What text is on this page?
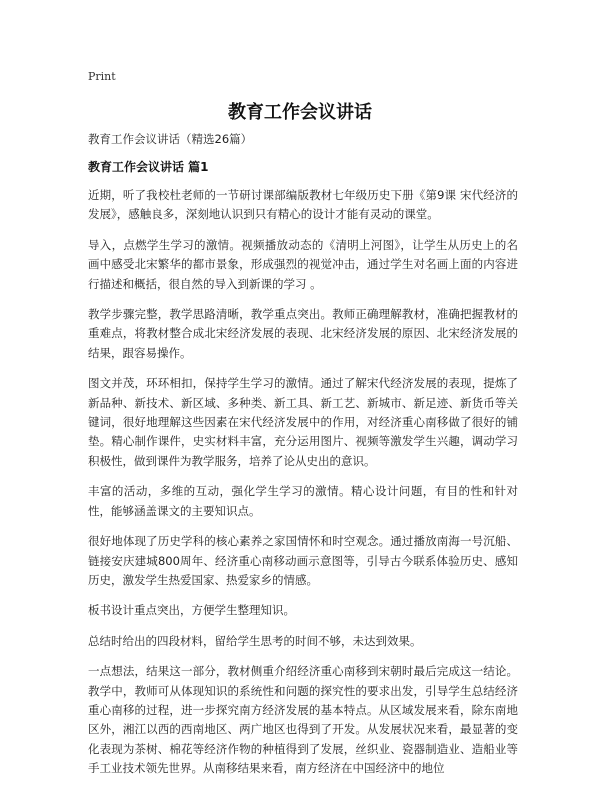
Print
教育工作会议讲话
教育工作会议讲话（精选26篇）
教育工作会议讲话 篇1

近期，听了我校杜老师的一节研讨课部编版教材七年级历史下册《第9课 宋代经济的发展》，感触良多，深刻地认识到只有精心的设计才能有灵动的课堂。

导入，点燃学生学习的激情。视频播放动态的《清明上河图》，让学生从历史上的名画中感受北宋繁华的都市景象，形成强烈的视觉冲击，通过学生对名画上面的内容进行描述和概括，很自然的导入到新课的学习 。

教学步骤完整，教学思路清晰，教学重点突出。教师正确理解教材，准确把握教材的重难点，将教材整合成北宋经济发展的表现、北宋经济发展的原因、北宋经济发展的结果，跟容易操作。

图文并茂，环环相扣，保持学生学习的激情。通过了解宋代经济发展的表现，提炼了新品种、新技术、新区域、多种类、新工具、新工艺、新城市、新足迹、新货币等关键词，很好地理解这些因素在宋代经济发展中的作用，对经济重心南移做了很好的铺垫。精心制作课件，史实材料丰富，充分运用图片、视频等激发学生兴趣，调动学习积极性，做到课件为教学服务，培养了论从史出的意识。

丰富的活动，多维的互动，强化学生学习的激情。精心设计问题，有目的性和针对性，能够涵盖课文的主要知识点。

很好地体现了历史学科的核心素养之家国情怀和时空观念。通过播放南海一号沉船、链接安庆建城800周年、经济重心南移动画示意图等，引导古今联系体验历史、感知历史，激发学生热爱国家、热爱家乡的情感。

板书设计重点突出，方便学生整理知识。

总结时给出的四段材料，留给学生思考的时间不够，未达到效果。

一点想法，结果这一部分，教材侧重介绍经济重心南移到宋朝时最后完成这一结论。教学中，教师可从体现知识的系统性和问题的探究性的要求出发，引导学生总结经济重心南移的过程，进一步探究南方经济发展的基本特点。从区域发展来看，除东南地区外，湘江以西的西南地区、两广地区也得到了开发。从发展状况来看，最显著的变化表现为茶树、棉花等经济作物的种植得到了发展，丝织业、瓷器制造业、造船业等手工业技术领先世界。从南移结果来看，南方经济在中国经济中的地位
